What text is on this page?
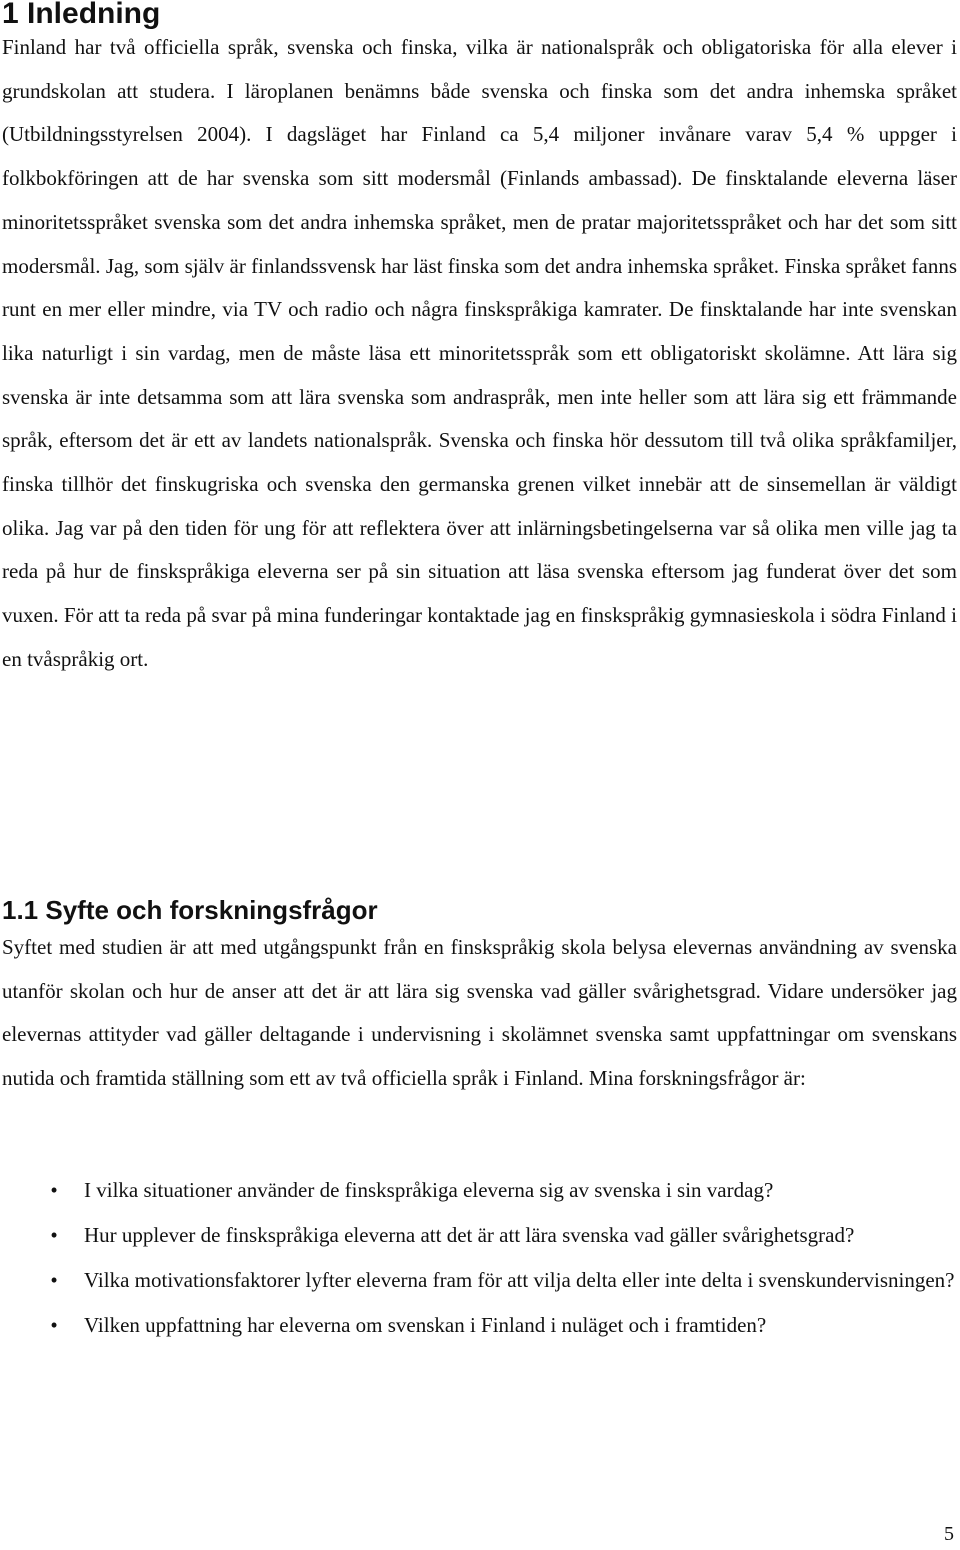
1 Inledning

Finland har två officiella språk, svenska och finska, vilka är nationalspråk och obligatoriska för alla elever i grundskolan att studera. I läroplanen benämns både svenska och finska som det andra inhemska språket (Utbildningsstyrelsen 2004). I dagsläget har Finland ca 5,4 miljoner invånare varav 5,4 % uppger i folkbokföringen att de har svenska som sitt modersmål (Finlands ambassad). De finsktalande eleverna läser minoritetsspråket svenska som det andra inhemska språket, men de pratar majoritetsspråket och har det som sitt modersmål. Jag, som själv är finlandssvensk har läst finska som det andra inhemska språket. Finska språket fanns runt en mer eller mindre, via TV och radio och några finskspråkiga kamrater. De finsktalande har inte svenskan lika naturligt i sin vardag, men de måste läsa ett minoritetsspråk som ett obligatoriskt skolämne. Att lära sig svenska är inte detsamma som att lära svenska som andraspråk, men inte heller som att lära sig ett främmande språk, eftersom det är ett av landets nationalspråk. Svenska och finska hör dessutom till två olika språkfamiljer, finska tillhör det finskugriska och svenska den germanska grenen vilket innebär att de sinsemellan är väldigt olika. Jag var på den tiden för ung för att reflektera över att inlärningsbetingelserna var så olika men ville jag ta reda på hur de finskspråkiga eleverna ser på sin situation att läsa svenska eftersom jag funderat över det som vuxen. För att ta reda på svar på mina funderingar kontaktade jag en finskspråkig gymnasieskola i södra Finland i en tvåspråkig ort.

1.1 Syfte och forskningsfrågor

Syftet med studien är att med utgångspunkt från en finskspråkig skola belysa elevernas användning av svenska utanför skolan och hur de anser att det är att lära sig svenska vad gäller svårighetsgrad. Vidare undersöker jag elevernas attityder vad gäller deltagande i undervisning i skolämnet svenska samt uppfattningar om svenskans nutida och framtida ställning som ett av två officiella språk i Finland. Mina forskningsfrågor är:

•	I vilka situationer använder de finskspråkiga eleverna sig av svenska i sin vardag?
•	Hur upplever de finskspråkiga eleverna att det är att lära svenska vad gäller svårighetsgrad?
•	Vilka motivationsfaktorer lyfter eleverna fram för att vilja delta eller inte delta i svenskundervisningen?
•	Vilken uppfattning har eleverna om svenskan i Finland i nuläget och i framtiden?
5
